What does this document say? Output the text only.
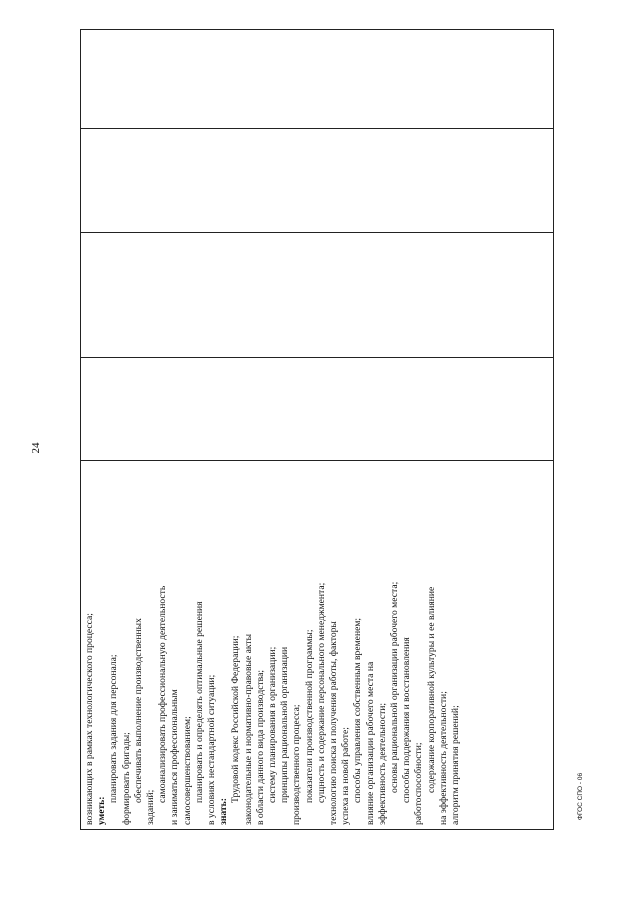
24
возникающих в рамках технологического процесса; уметь:
планировать задания для персонала; формировать бригады; обеспечивать выполнение производственных
заданий;
самоанализировать профессиональную деятельность и заниматься профессиональным самосовершенствованием; планировать и определять оптимальные решения в условиях нестандартной ситуации; знать:
Трудовой кодекс Российской Федерации; законодательные и нормативно-правовые акты в области данного вида производства; систему планирования в организации; принципы рациональной организации производственного процесса; показатели производственной программы; сущность и содержание персонального менеджмента; технологию поиска и получения работы, факторы успеха на новой работе; способы управления собственным временем; влияние организации рабочего места на эффективность деятельности; основы рациональной организации рабочего места; способы поддержания и восстановления работоспособности; содержание корпоративной культуры и ее влияние на эффективность деятельности; алгоритм принятия решений;
					ФГОС СПО - 06
